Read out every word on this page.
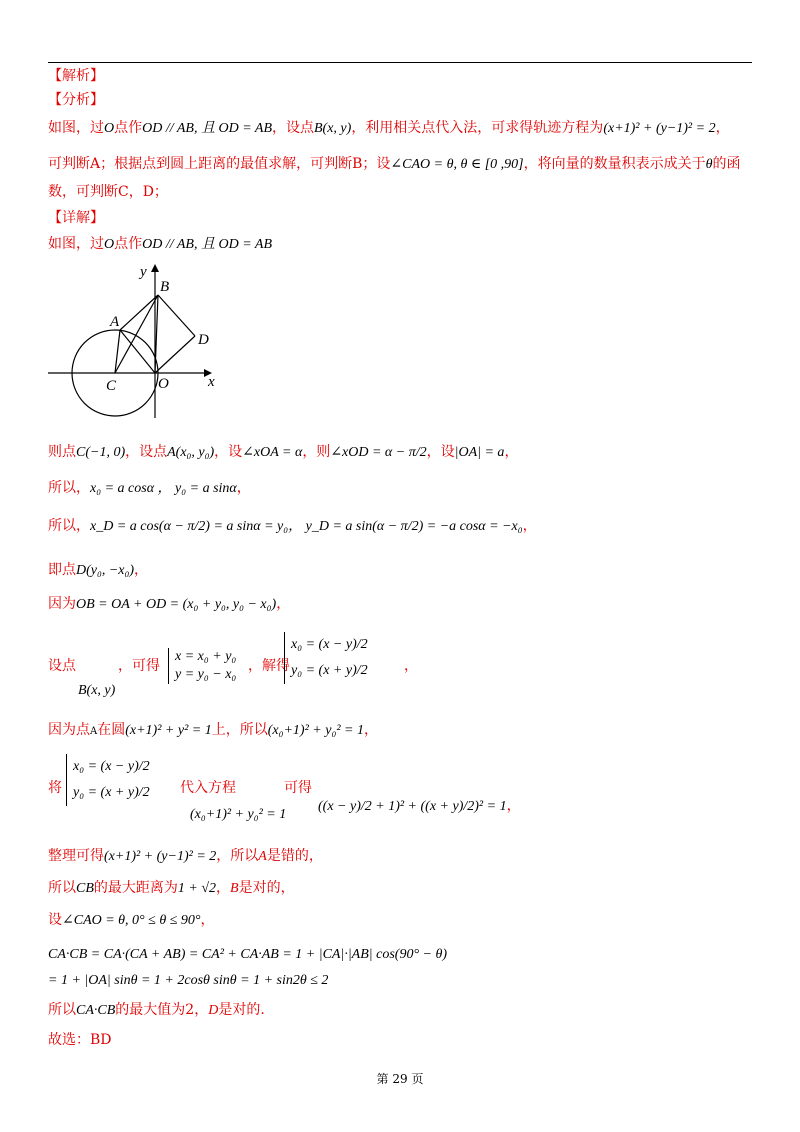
【解析】
【分析】
如图，过O点作OD // AB, 且 OD = AB，设点B(x, y)，利用相关点代入法，可求得轨迹方程为(x+1)² + (y−1)² = 2，
可判断A；根据点到圆上距离的最值求解，可判断B；设∠CAO = θ, θ ∈ [0 ,90]，将向量的数量积表示成关于θ的函
数，可判断C，D；
【详解】
如图，过O点作OD // AB, 且 OD = AB
y
x
B
A
D
C	O
则点C(−1, 0)，设点A(x₀, y₀)，设∠xOA = α，则∠xOD = α − π/2，设|OA| = a，
所以，x₀ = a cosα ， y₀ = a sinα，
所以，x_D = a cos(α − π/2) = a sinα = y₀， y_D = a sin(α − π/2) = −a cosα = −x₀，
即点D(y₀, −x₀)，
因为OB = OA + OD = (x₀ + y₀, y₀ − x₀)，
设点
B(x, y)
，可得
x = x₀ + y₀
y = y₀ − x₀
，解得
x₀ = (x − y)/2
y₀ = (x + y)/2	，
因为点A在圆(x+1)² + y² = 1上，所以(x₀+1)² + y₀² = 1，
将
x₀ = (x − y)/2
y₀ = (x + y)/2 代入方程
(x₀+1)² + y₀² = 1
可得
((x − y)/2 + 1)² + ((x + y)/2)² = 1，
整理可得(x+1)² + (y−1)² = 2，所以A是错的，
所以CB的最大距离为1 + √2，B是对的，
设∠CAO = θ, 0° ≤ θ ≤ 90°，
CA·CB = CA·(CA + AB) = CA² + CA·AB = 1 + |CA|·|AB| cos(90° − θ)
= 1 + |OA| sinθ = 1 + 2cosθ sinθ = 1 + sin2θ ≤ 2
所以CA·CB的最大值为2，D是对的.
故选：BD
第 29 页
